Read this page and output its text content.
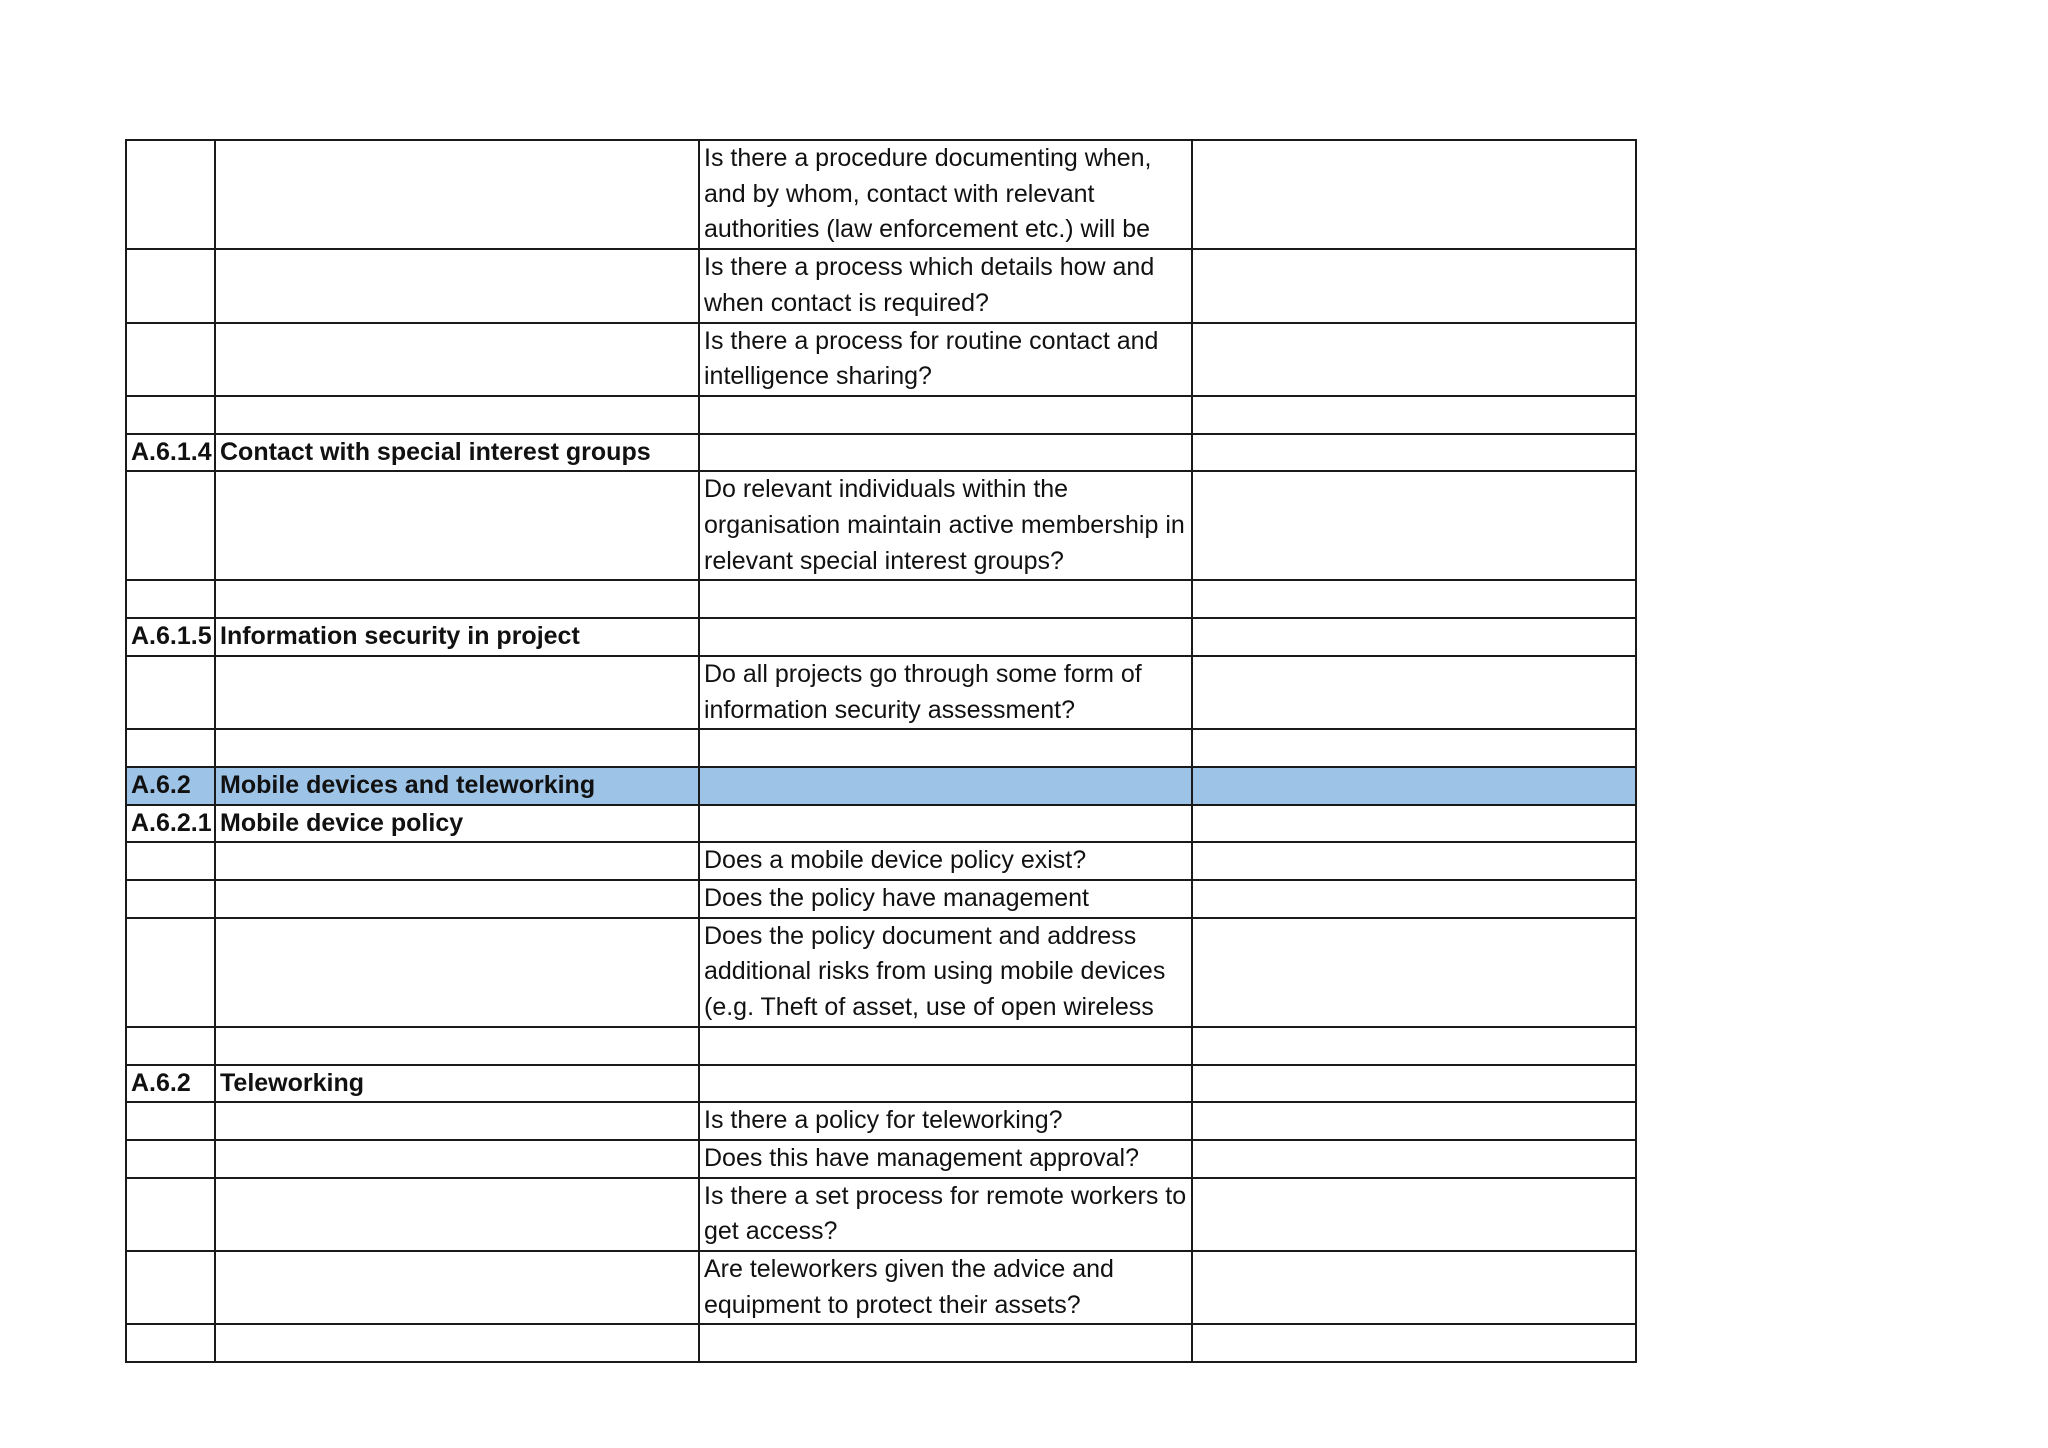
		Is there a procedure documenting when, and by whom, contact with relevant authorities (law enforcement etc.) will be	
		Is there a process which details how and when contact is required?	
		Is there a process for routine contact and intelligence sharing?	

A.6.1.4	Contact with special interest groups		
		Do relevant individuals within the organisation maintain active membership in relevant special interest groups?	

A.6.1.5	Information security in project		
		Do all projects go through some form of information security assessment?	

A.6.2	Mobile devices and teleworking		
A.6.2.1	Mobile device policy		
		Does a mobile device policy exist?	
		Does the policy have management	
		Does the policy document and address additional risks from using mobile devices (e.g. Theft of asset, use of open wireless	

A.6.2	Teleworking		
		Is there a policy for teleworking?	
		Does this have management approval?	
		Is there a set process for remote workers to get access?	
		Are teleworkers given the advice and equipment to protect their assets?	
